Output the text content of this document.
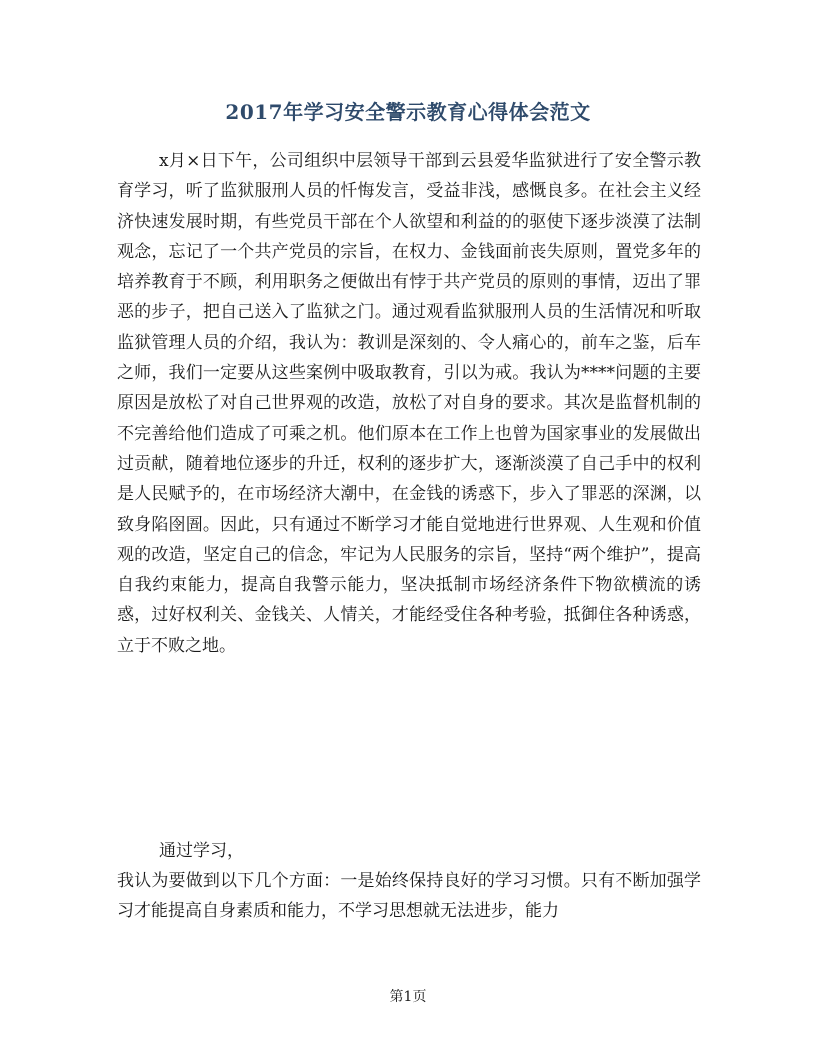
2017年学习安全警示教育心得体会范文
x月×日下午，公司组织中层领导干部到云县爱华监狱进行了安全警示教育学习，听了监狱服刑人员的忏悔发言，受益非浅，感慨良多。在社会主义经济快速发展时期，有些党员干部在个人欲望和利益的的驱使下逐步淡漠了法制观念，忘记了一个共产党员的宗旨，在权力、金钱面前丧失原则，置党多年的培养教育于不顾，利用职务之便做出有悖于共产党员的原则的事情，迈出了罪恶的步子，把自己送入了监狱之门。通过观看监狱服刑人员的生活情况和听取监狱管理人员的介绍，我认为：教训是深刻的、令人痛心的，前车之鉴，后车之师，我们一定要从这些案例中吸取教育，引以为戒。我认为****问题的主要原因是放松了对自己世界观的改造，放松了对自身的要求。其次是监督机制的不完善给他们造成了可乘之机。他们原本在工作上也曾为国家事业的发展做出过贡献，随着地位逐步的升迁，权利的逐步扩大，逐渐淡漠了自己手中的权利是人民赋予的，在市场经济大潮中，在金钱的诱惑下，步入了罪恶的深渊，以致身陷囹圄。因此，只有通过不断学习才能自觉地进行世界观、人生观和价值观的改造，坚定自己的信念，牢记为人民服务的宗旨，坚持“两个维护”，提高自我约束能力，提高自我警示能力，坚决抵制市场经济条件下物欲横流的诱惑，过好权利关、金钱关、人情关，才能经受住各种考验，抵御住各种诱惑，立于不败之地。
通过学习，
我认为要做到以下几个方面：一是始终保持良好的学习习惯。只有不断加强学习才能提高自身素质和能力，不学习思想就无法进步，能力
第1页
